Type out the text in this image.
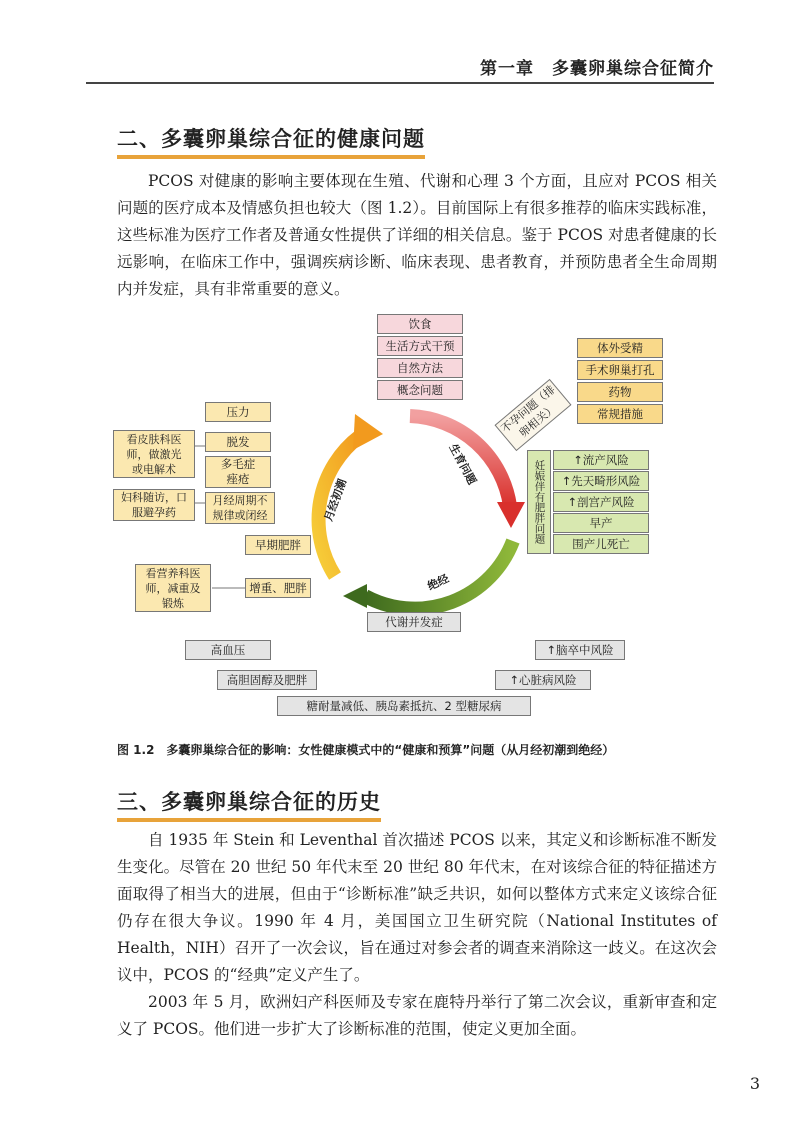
第一章　多囊卵巢综合征简介
二、多囊卵巢综合征的健康问题

PCOS 对健康的影响主要体现在生殖、代谢和心理 3 个方面，且应对 PCOS 相关问题的医疗成本及情感负担也较大（图 1.2）。目前国际上有很多推荐的临床实践标准，这些标准为医疗工作者及普通女性提供了详细的相关信息。鉴于 PCOS 对患者健康的长远影响，在临床工作中，强调疾病诊断、临床表现、患者教育，并预防患者全生命周期内并发症，具有非常重要的意义。

饮食
生活方式干预
自然方法
概念问题
体外受精
手术卵巢打孔
药物
常规措施
不孕问题（排卵相关）
妊娠伴有肥胖问题
↑流产风险
↑先天畸形风险
↑剖宫产风险
早产
围产儿死亡
压力
脱发
多毛症
痤疮
月经周期不
规律或闭经
看皮肤科医
师，做激光
或电解术
妇科随访，口
服避孕药
早期肥胖
增重、肥胖
看营养科医
师，减重及
锻炼
月经初潮
生育问题
绝经
代谢并发症
高血压
高胆固醇及肥胖
↑脑卒中风险
↑心脏病风险
糖耐量减低、胰岛素抵抗、2 型糖尿病
图 1.2　多囊卵巢综合征的影响：女性健康模式中的“健康和预算”问题（从月经初潮到绝经）
三、多囊卵巢综合征的历史

自 1935 年 Stein 和 Leventhal 首次描述 PCOS 以来，其定义和诊断标准不断发生变化。尽管在 20 世纪 50 年代末至 20 世纪 80 年代末，在对该综合征的特征描述方面取得了相当大的进展，但由于“诊断标准”缺乏共识，如何以整体方式来定义该综合征仍存在很大争议。1990 年 4 月，美国国立卫生研究院（National Institutes of Health，NIH）召开了一次会议，旨在通过对参会者的调查来消除这一歧义。在这次会议中，PCOS 的“经典”定义产生了。

2003 年 5 月，欧洲妇产科医师及专家在鹿特丹举行了第二次会议，重新审查和定义了 PCOS。他们进一步扩大了诊断标准的范围，使定义更加全面。

3
